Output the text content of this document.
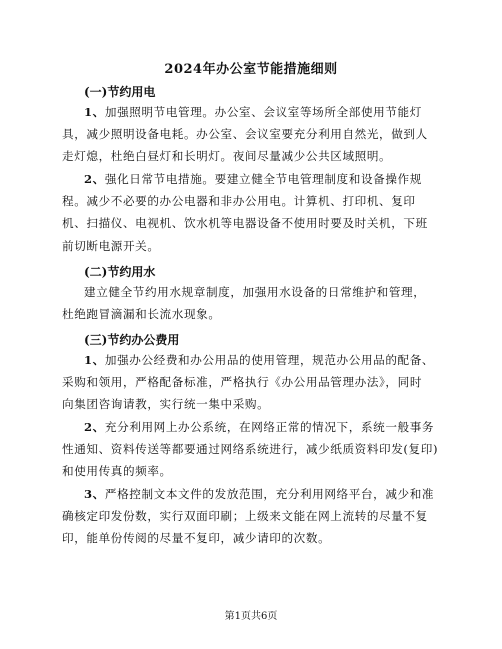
2024年办公室节能措施细则
(一)节约用电
1、加强照明节电管理。办公室、会议室等场所全部使用节能灯
具，减少照明设备电耗。办公室、会议室要充分利用自然光，做到人
走灯熄，杜绝白昼灯和长明灯。夜间尽量减少公共区域照明。
2、强化日常节电措施。要建立健全节电管理制度和设备操作规
程。减少不必要的办公电器和非办公用电。计算机、打印机、复印
机、扫描仪、电视机、饮水机等电器设备不使用时要及时关机，下班
前切断电源开关。
(二)节约用水
建立健全节约用水规章制度，加强用水设备的日常维护和管理，
杜绝跑冒滴漏和长流水现象。
(三)节约办公费用
1、加强办公经费和办公用品的使用管理，规范办公用品的配备、
采购和领用，严格配备标准，严格执行《办公用品管理办法》，同时
向集团咨询请教，实行统一集中采购。
2、充分利用网上办公系统，在网络正常的情况下，系统一般事务
性通知、资料传送等都要通过网络系统进行，减少纸质资料印发(复印)
和使用传真的频率。
3、严格控制文本文件的发放范围，充分利用网络平台，减少和准
确核定印发份数，实行双面印刷；上级来文能在网上流转的尽量不复
印，能单份传阅的尽量不复印，减少请印的次数。
第1页共6页
